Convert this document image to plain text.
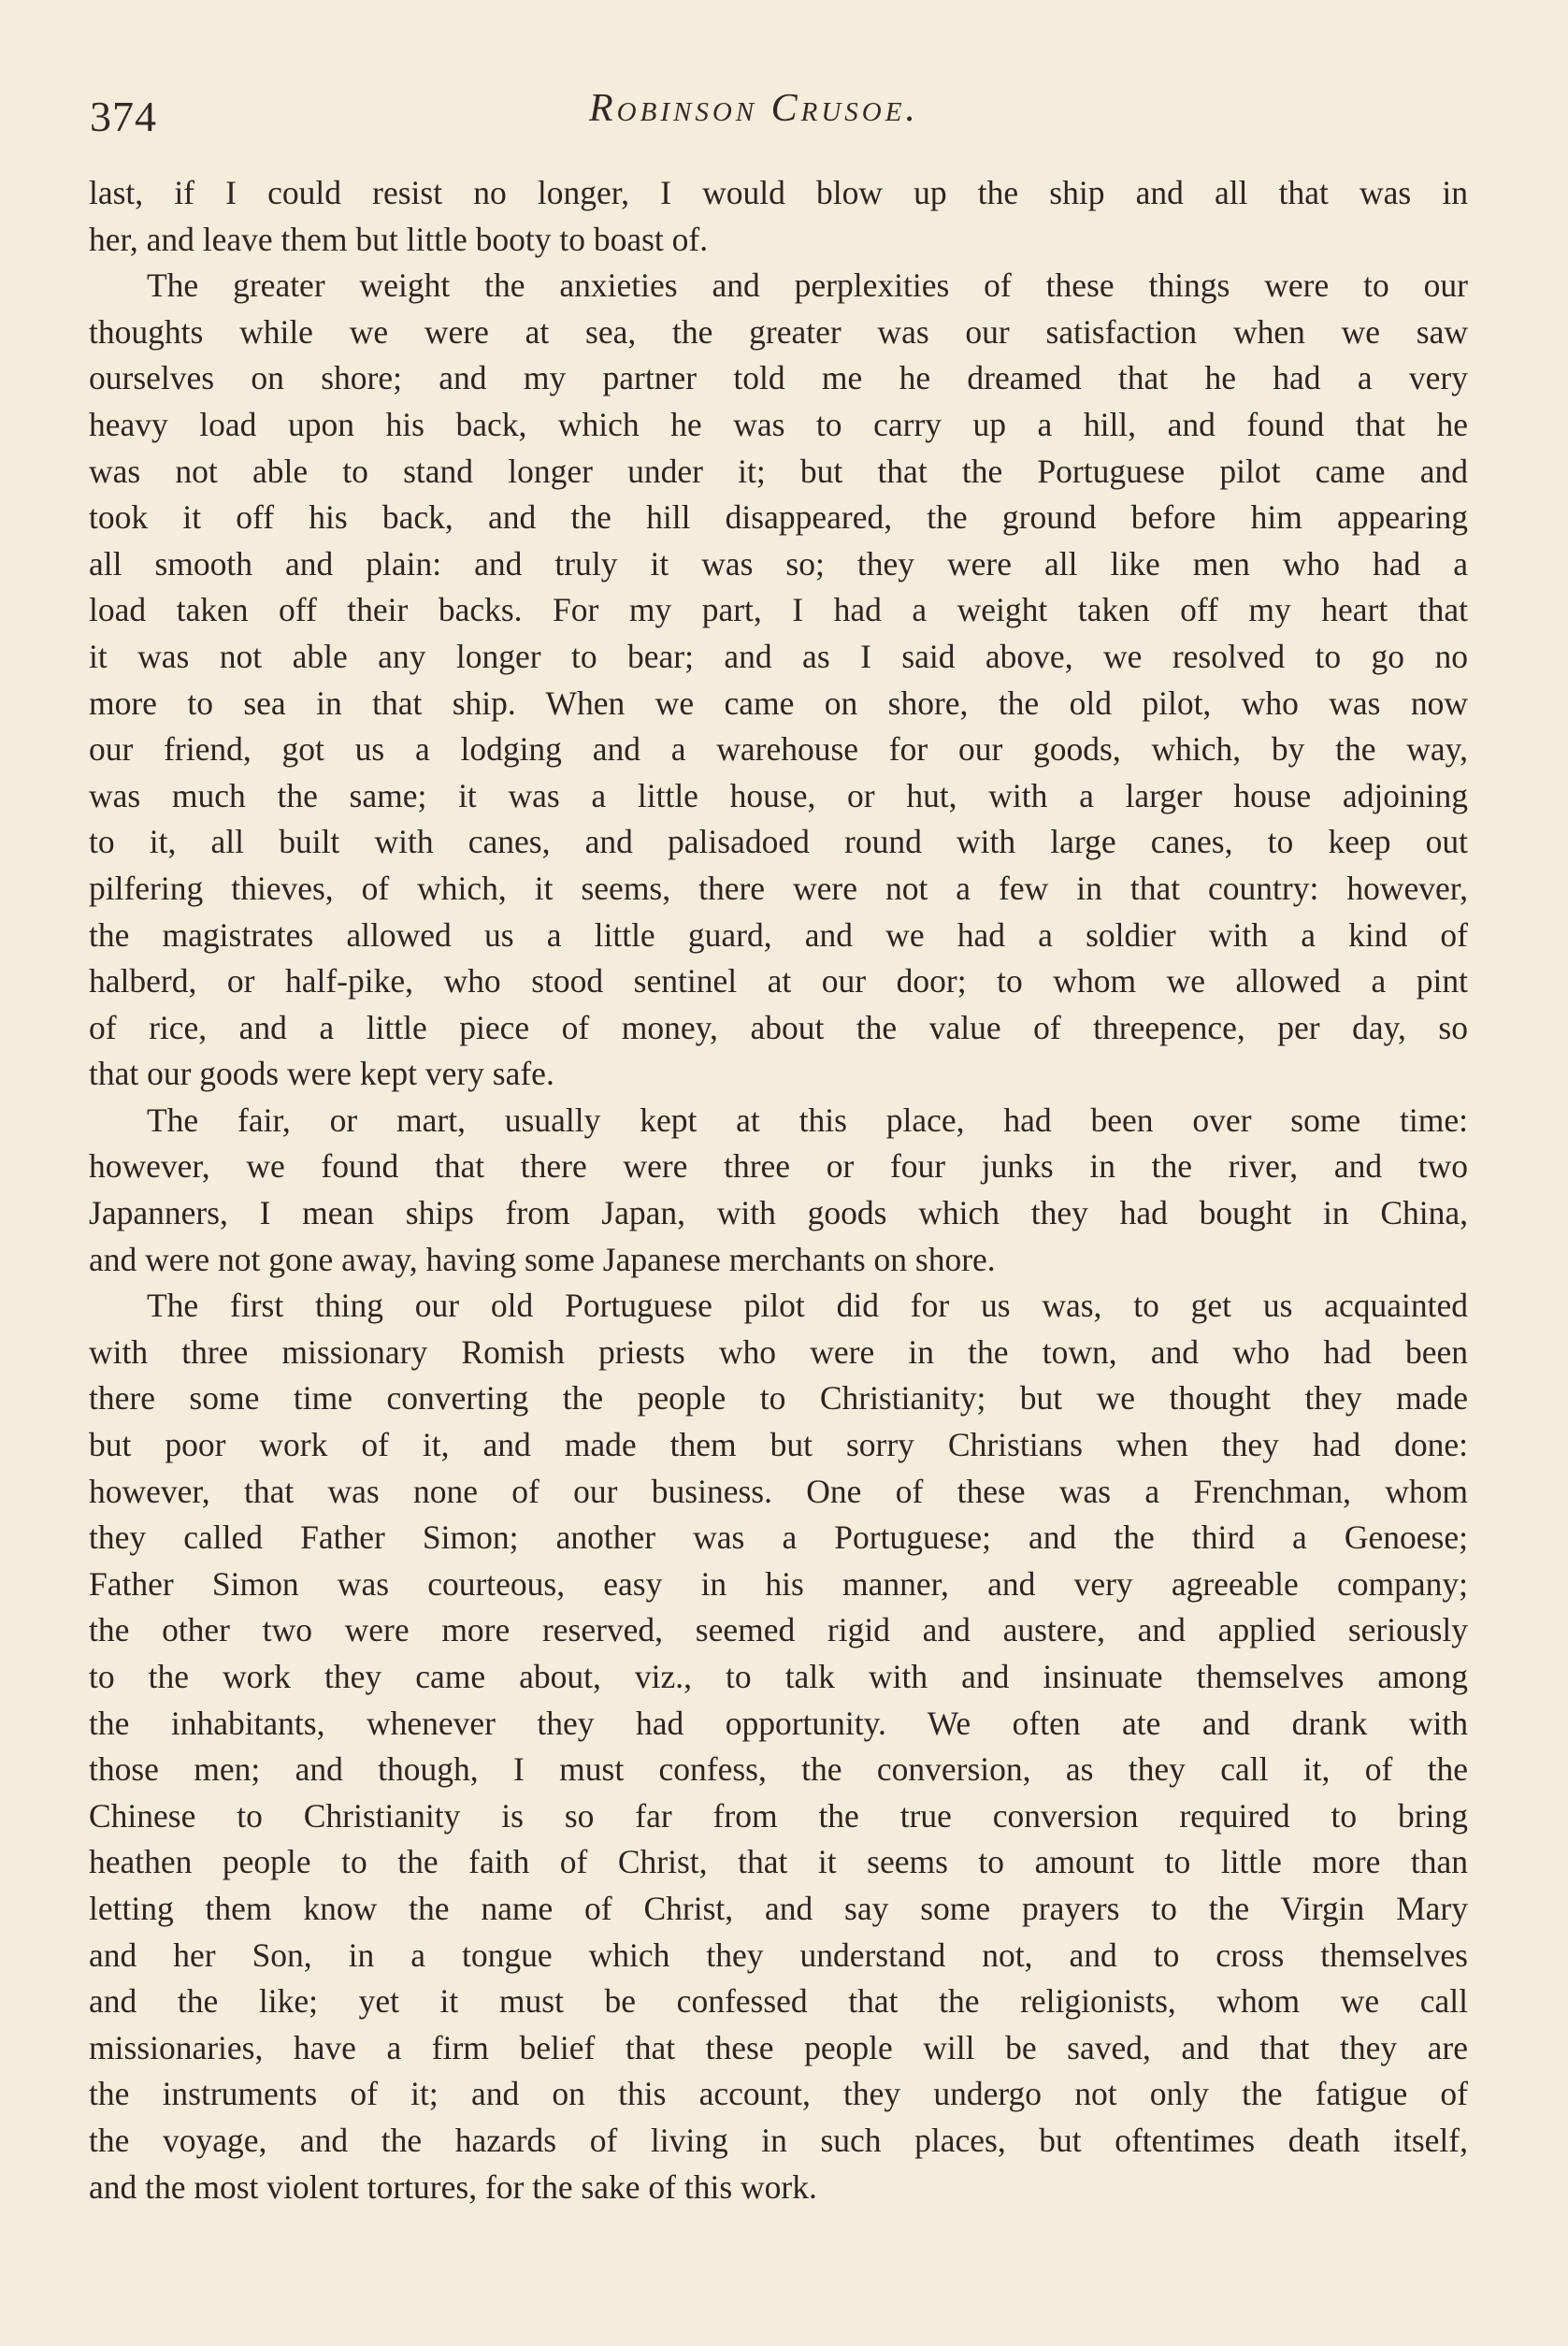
374	Robinson Crusoe.
last, if I could resist no longer, I would blow up the ship and all that was in
her, and leave them but little booty to boast of.
The greater weight the anxieties and perplexities of these things were to our
thoughts while we were at sea, the greater was our satisfaction when we saw
ourselves on shore; and my partner told me he dreamed that he had a very
heavy load upon his back, which he was to carry up a hill, and found that he
was not able to stand longer under it; but that the Portuguese pilot came and
took it off his back, and the hill disappeared, the ground before him appearing
all smooth and plain: and truly it was so; they were all like men who had a
load taken off their backs. For my part, I had a weight taken off my heart that
it was not able any longer to bear; and as I said above, we resolved to go no
more to sea in that ship. When we came on shore, the old pilot, who was now
our friend, got us a lodging and a warehouse for our goods, which, by the way,
was much the same; it was a little house, or hut, with a larger house adjoining
to it, all built with canes, and palisadoed round with large canes, to keep out
pilfering thieves, of which, it seems, there were not a few in that country: however,
the magistrates allowed us a little guard, and we had a soldier with a kind of
halberd, or half-pike, who stood sentinel at our door; to whom we allowed a pint
of rice, and a little piece of money, about the value of threepence, per day, so
that our goods were kept very safe.
The fair, or mart, usually kept at this place, had been over some time:
however, we found that there were three or four junks in the river, and two
Japanners, I mean ships from Japan, with goods which they had bought in China,
and were not gone away, having some Japanese merchants on shore.
The first thing our old Portuguese pilot did for us was, to get us acquainted
with three missionary Romish priests who were in the town, and who had been
there some time converting the people to Christianity; but we thought they made
but poor work of it, and made them but sorry Christians when they had done:
however, that was none of our business. One of these was a Frenchman, whom
they called Father Simon; another was a Portuguese; and the third a Genoese;
Father Simon was courteous, easy in his manner, and very agreeable company;
the other two were more reserved, seemed rigid and austere, and applied seriously
to the work they came about, viz., to talk with and insinuate themselves among
the inhabitants, whenever they had opportunity. We often ate and drank with
those men; and though, I must confess, the conversion, as they call it, of the
Chinese to Christianity is so far from the true conversion required to bring
heathen people to the faith of Christ, that it seems to amount to little more than
letting them know the name of Christ, and say some prayers to the Virgin Mary
and her Son, in a tongue which they understand not, and to cross themselves
and the like; yet it must be confessed that the religionists, whom we call
missionaries, have a firm belief that these people will be saved, and that they are
the instruments of it; and on this account, they undergo not only the fatigue of
the voyage, and the hazards of living in such places, but oftentimes death itself,
and the most violent tortures, for the sake of this work.
